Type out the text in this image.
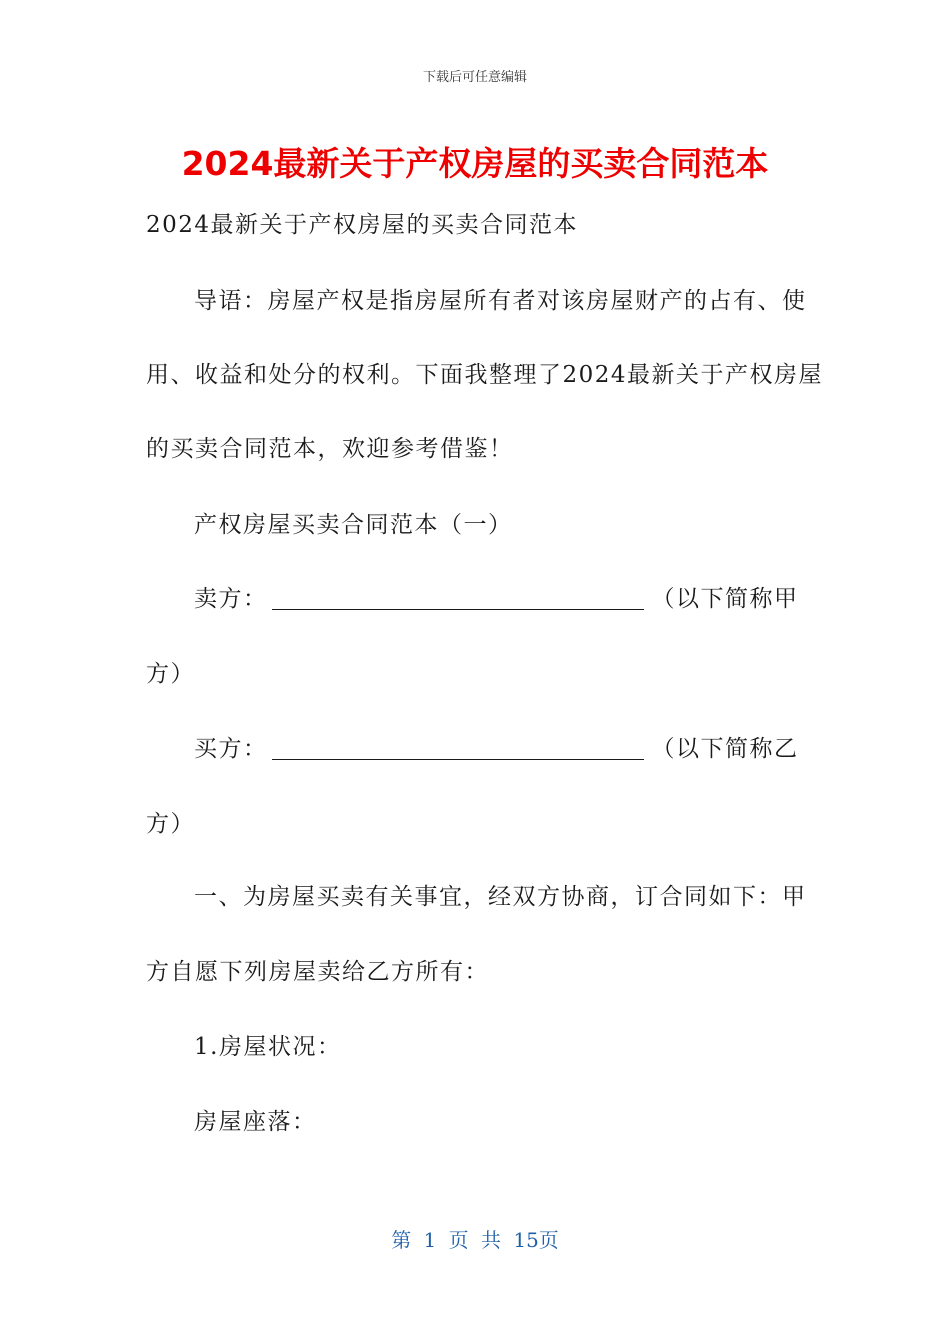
下载后可任意编辑
2024最新关于产权房屋的买卖合同范本
2024最新关于产权房屋的买卖合同范本
导语：房屋产权是指房屋所有者对该房屋财产的占有、使
用、收益和处分的权利。下面我整理了2024最新关于产权房屋
的买卖合同范本，欢迎参考借鉴！
产权房屋买卖合同范本（一）
卖方：	（以下简称甲
方）
买方：	（以下简称乙
方）
一、为房屋买卖有关事宜，经双方协商，订合同如下：甲
方自愿下列房屋卖给乙方所有：
1.房屋状况：
房屋座落：
第 1 页 共 15页
